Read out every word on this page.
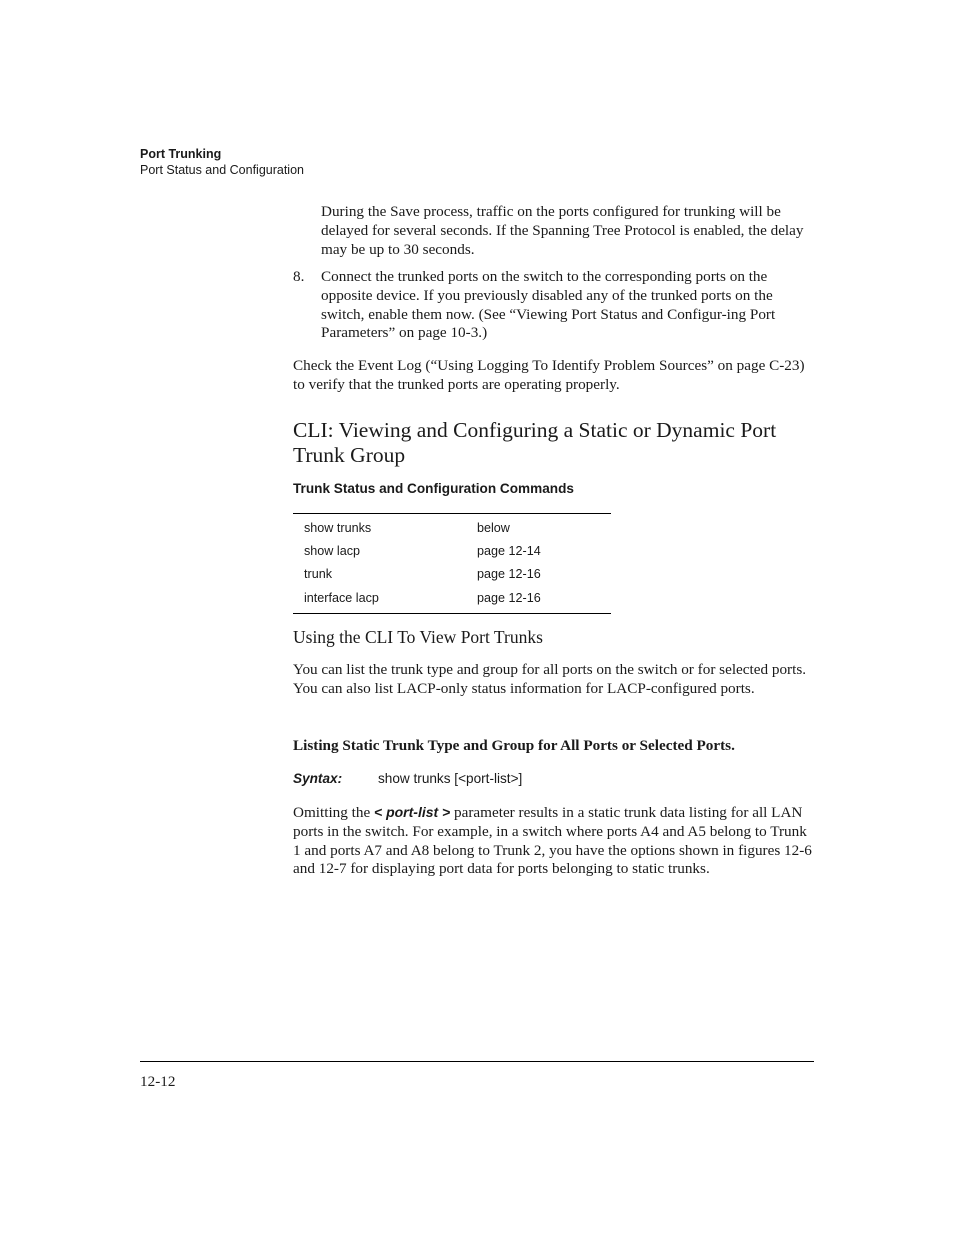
Port Trunking
Port Status and Configuration
During the Save process, traffic on the ports configured for trunking will be delayed for several seconds. If the Spanning Tree Protocol is enabled, the delay may be up to 30 seconds.
8. Connect the trunked ports on the switch to the corresponding ports on the opposite device. If you previously disabled any of the trunked ports on the switch, enable them now. (See “Viewing Port Status and Configur-ing Port Parameters” on page 10-3.)
Check the Event Log (“Using Logging To Identify Problem Sources” on page C-23) to verify that the trunked ports are operating properly.
CLI: Viewing and Configuring a Static or Dynamic Port Trunk Group
Trunk Status and Configuration Commands
show trunks	below
show lacp	page 12-14
trunk	page 12-16
interface lacp	page 12-16
Using the CLI To View Port Trunks
You can list the trunk type and group for all ports on the switch or for selected ports. You can also list LACP-only status information for LACP-configured ports.
Listing Static Trunk Type and Group for All Ports or Selected Ports.
Syntax:	show trunks [<port-list>]
Omitting the < port-list > parameter results in a static trunk data listing for all LAN ports in the switch. For example, in a switch where ports A4 and A5 belong to Trunk 1 and ports A7 and A8 belong to Trunk 2, you have the options shown in figures 12-6 and 12-7 for displaying port data for ports belonging to static trunks.
12-12
